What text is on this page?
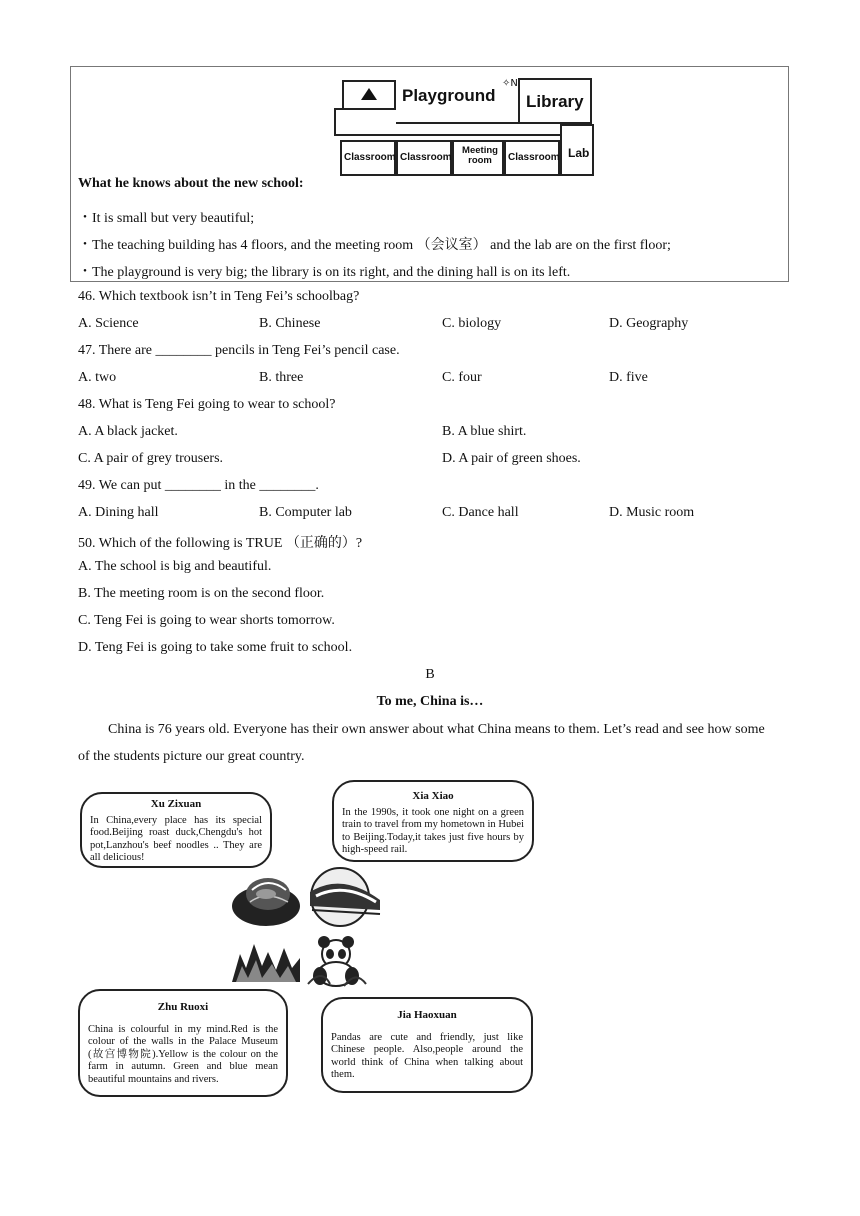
Playground
✧N
Library
Classroom Classroom
Meeting room	Classroom Lab
What he knows about the new school:
・It is small but very beautiful;
・The teaching building has 4 floors, and the meeting room （会议室） and the lab are on the first floor;
・The playground is very big; the library is on its right, and the dining hall is on its left.
46. Which textbook isn’t in Teng Fei’s schoolbag?
A. Science	B. Chinese	C. biology	D. Geography
47. There are ________ pencils in Teng Fei’s pencil case.
A. two	B. three	C. four	D. five
48. What is Teng Fei going to wear to school?
A. A black jacket.	B. A blue shirt.
C. A pair of grey trousers.	D. A pair of green shoes.
49. We can put ________ in the ________.
A. Dining hall	B. Computer lab	C. Dance hall	D. Music room
50. Which of the following is TRUE （正确的）?
A. The school is big and beautiful.
B. The meeting room is on the second floor.
C. Teng Fei is going to wear shorts tomorrow.
D. Teng Fei is going to take some fruit to school.
B
To me, China is…
China is 76 years old. Everyone has their own answer about what China means to them. Let’s read and see how some of the students picture our great country.
Xu Zixuan
In China,every place has its special food.Beijing roast duck,Chengdu's hot pot,Lanzhou's beef noodles .. They are all delicious!
Xia Xiao
In the 1990s, it took one night on a green train to travel from my hometown in Hubei to Beijing.Today,it takes just five hours by high-speed rail.
Zhu Ruoxi
China is colourful in my mind.Red is the colour of the walls in the Palace Museum (故宫博物院).Yellow is the colour on the farm in autumn. Green and blue mean beautiful mountains and rivers.
Jia Haoxuan
Pandas are cute and friendly, just like Chinese people. Also,people around the world think of China when talking about them.
